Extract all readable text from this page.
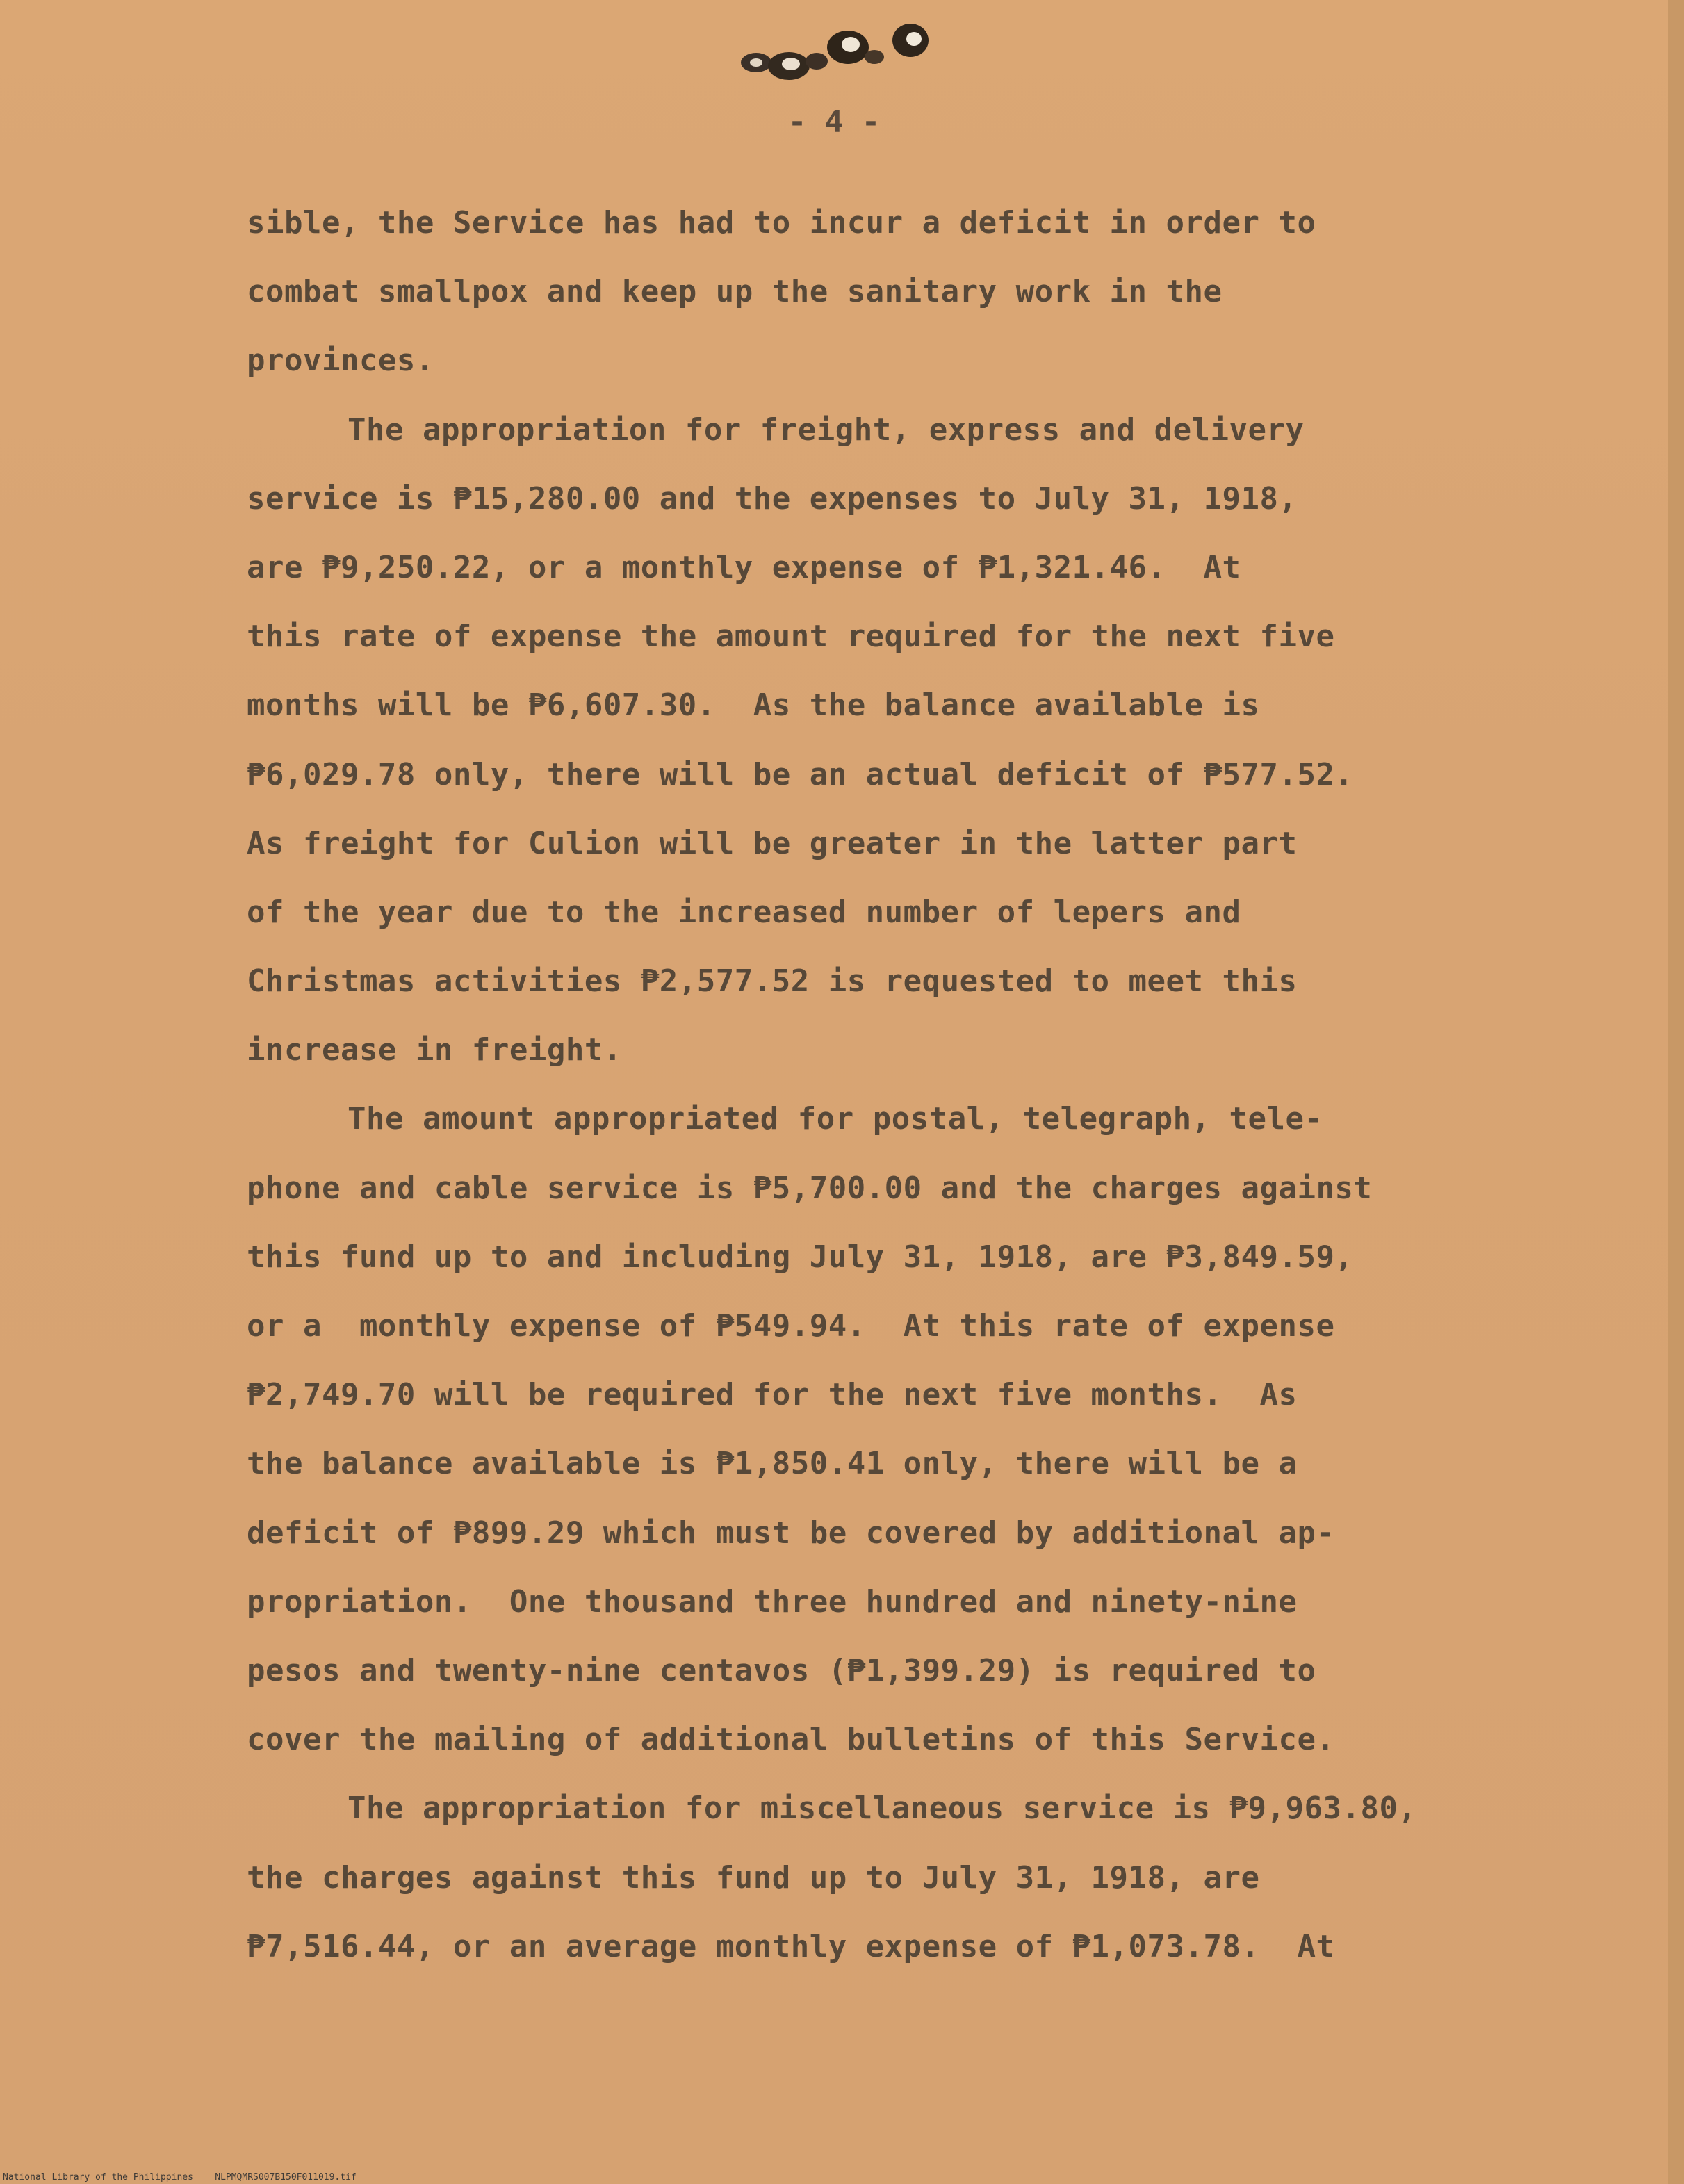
- 4 -
sible, the Service has had to incur a deficit in order to
combat smallpox and keep up the sanitary work in the
provinces.
The appropriation for freight, express and delivery
service is ₱15,280.00 and the expenses to July 31, 1918,
are ₱9,250.22, or a monthly expense of ₱1,321.46.  At
this rate of expense the amount required for the next five
months will be ₱6,607.30.  As the balance available is
₱6,029.78 only, there will be an actual deficit of ₱577.52.
As freight for Culion will be greater in the latter part
of the year due to the increased number of lepers and
Christmas activities ₱2,577.52 is requested to meet this
increase in freight.
The amount appropriated for postal, telegraph, tele-
phone and cable service is ₱5,700.00 and the charges against
this fund up to and including July 31, 1918, are ₱3,849.59,
or a  monthly expense of ₱549.94.  At this rate of expense
₱2,749.70 will be required for the next five months.  As
the balance available is ₱1,850.41 only, there will be a
deficit of ₱899.29 which must be covered by additional ap-
propriation.  One thousand three hundred and ninety-nine
pesos and twenty-nine centavos (₱1,399.29) is required to
cover the mailing of additional bulletins of this Service.
The appropriation for miscellaneous service is ₱9,963.80,
the charges against this fund up to July 31, 1918, are
₱7,516.44, or an average monthly expense of ₱1,073.78.  At
National Library of the Philippines    NLPMQMRS007B150F011019.tif
